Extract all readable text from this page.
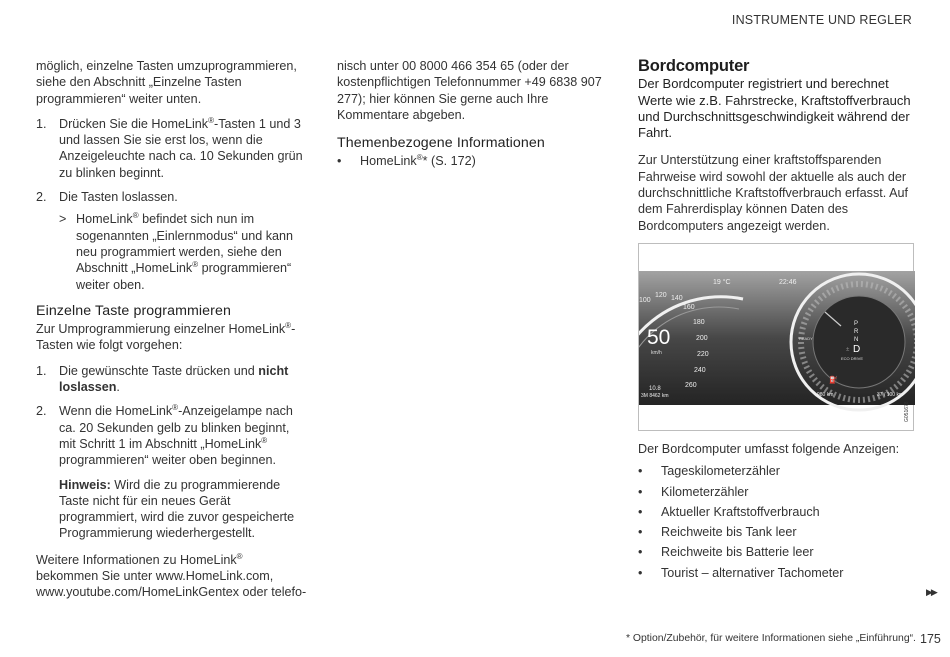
INSTRUMENTE UND REGLER

möglich, einzelne Tasten umzuprogrammieren, siehe den Abschnitt „Einzelne Tasten programmieren“ weiter unten.

1. Drücken Sie die HomeLink®-Tasten 1 und 3 und lassen Sie sie erst los, wenn die Anzeigeleuchte nach ca. 10 Sekunden grün zu blinken beginnt.
2. Die Tasten loslassen.
> HomeLink® befindet sich nun im sogenannten „Einlernmodus“ und kann neu programmiert werden, siehe den Abschnitt „HomeLink® programmieren“ weiter oben.
Einzelne Taste programmieren

Zur Umprogrammierung einzelner HomeLink®-Tasten wie folgt vorgehen:

1. Die gewünschte Taste drücken und nicht loslassen.
2. Wenn die HomeLink®-Anzeigelampe nach ca. 20 Sekunden gelb zu blinken beginnt, mit Schritt 1 im Abschnitt „HomeLink® programmieren“ weiter oben beginnen.

Hinweis: Wird die zu programmierende Taste nicht für ein neues Gerät programmiert, wird die zuvor gespeicherte Programmierung wiederhergestellt.

Weitere Informationen zu HomeLink® bekommen Sie unter www.HomeLink.com, www.youtube.com/HomeLinkGentex oder telefo-

nisch unter 00 8000 466 354 65 (oder der kostenpflichtigen Telefonnummer +49 6838 907 277); hier können Sie gerne auch Ihre Kommentare abgeben.

Themenbezogene Informationen
•	HomeLink®* (S. 172)
Bordcomputer
Der Bordcomputer registriert und berechnet Werte wie z.B. Fahrstrecke, Kraftstoffverbrauch und Durchschnittsgeschwindigkeit während der Fahrt.

Zur Unterstützung einer kraftstoffsparenden Fahrweise wird sowohl der aktuelle als auch der durchschnittliche Kraftstoffverbrauch erfasst. Auf dem Fahrerdisplay können Daten des Bordcomputers angezeigt werden.

100
120 140
160
180
200
220
240
260
50
km/h
19 °C	22:46
10.8
3M 8462 km
P
R
N
± D
ECO DRIVE
READY
⛽
980 km	37 / 100 km
G051678

Der Bordcomputer umfasst folgende Anzeigen:

•	Tageskilometerzähler
•	Kilometerzähler
•	Aktueller Kraftstoffverbrauch
•	Reichweite bis Tank leer
•	Reichweite bis Batterie leer
•	Tourist – alternativer Tachometer
▶▶
* Option/Zubehör, für weitere Informationen siehe „Einführung“. 175
